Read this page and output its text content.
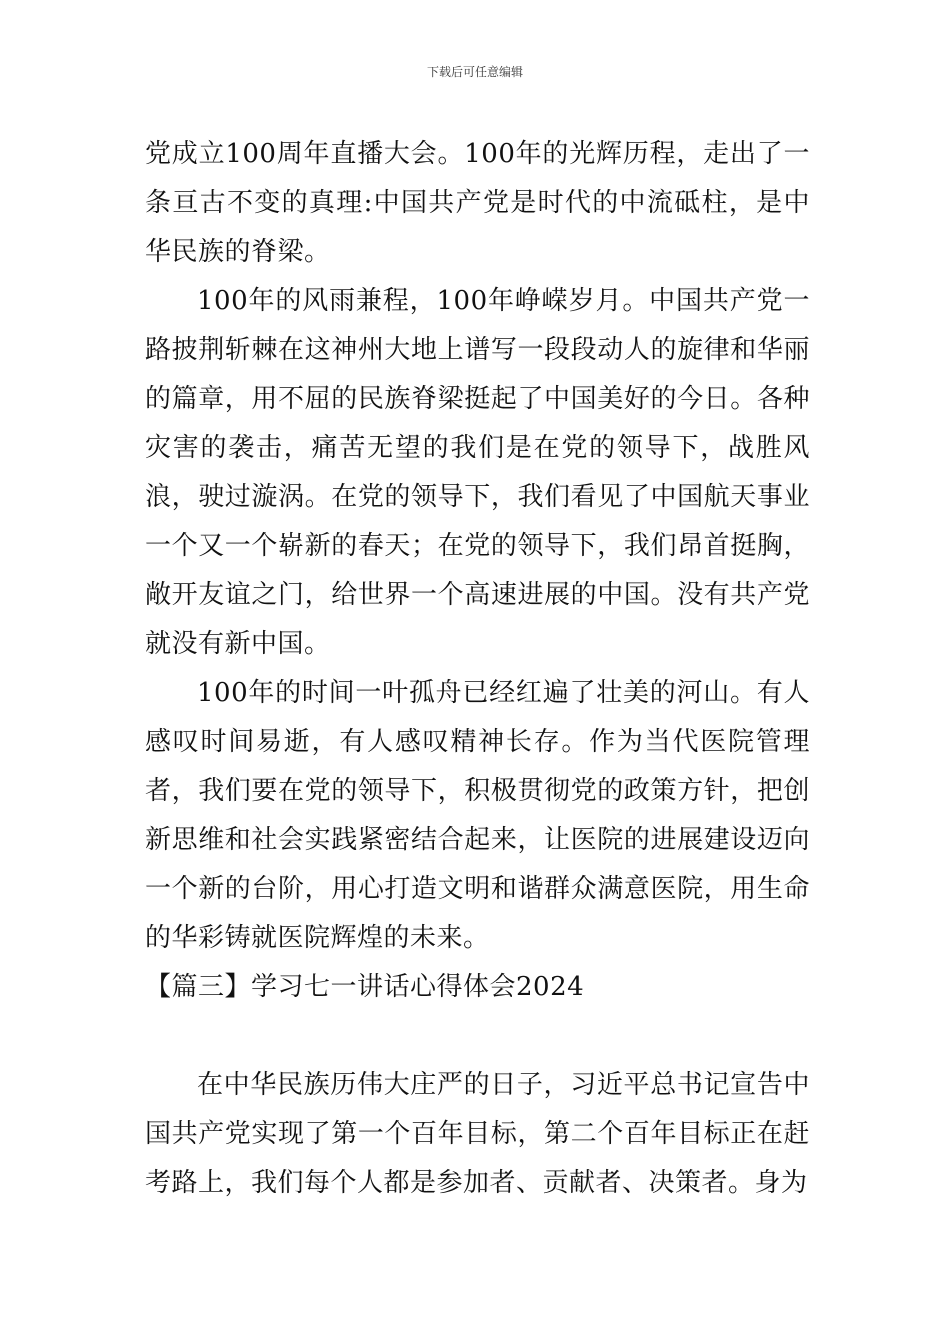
下载后可任意编辑

党成立100周年直播大会。100年的光辉历程，走出了一条亘古不变的真理:中国共产党是时代的中流砥柱，是中华民族的脊梁。

100年的风雨兼程，100年峥嵘岁月。中国共产党一路披荆斩棘在这神州大地上谱写一段段动人的旋律和华丽的篇章，用不屈的民族脊梁挺起了中国美好的今日。各种灾害的袭击，痛苦无望的我们是在党的领导下，战胜风浪，驶过漩涡。在党的领导下，我们看见了中国航天事业一个又一个崭新的春天；在党的领导下，我们昂首挺胸，敞开友谊之门，给世界一个高速进展的中国。没有共产党就没有新中国。

100年的时间一叶孤舟已经红遍了壮美的河山。有人感叹时间易逝，有人感叹精神长存。作为当代医院管理者，我们要在党的领导下，积极贯彻党的政策方针，把创新思维和社会实践紧密结合起来，让医院的进展建设迈向一个新的台阶，用心打造文明和谐群众满意医院，用生命的华彩铸就医院辉煌的未来。

【篇三】学习七一讲话心得体会2024

在中华民族历伟大庄严的日子，习近平总书记宣告中国共产党实现了第一个百年目标，第二个百年目标正在赶考路上，我们每个人都是参加者、贡献者、决策者。身为
